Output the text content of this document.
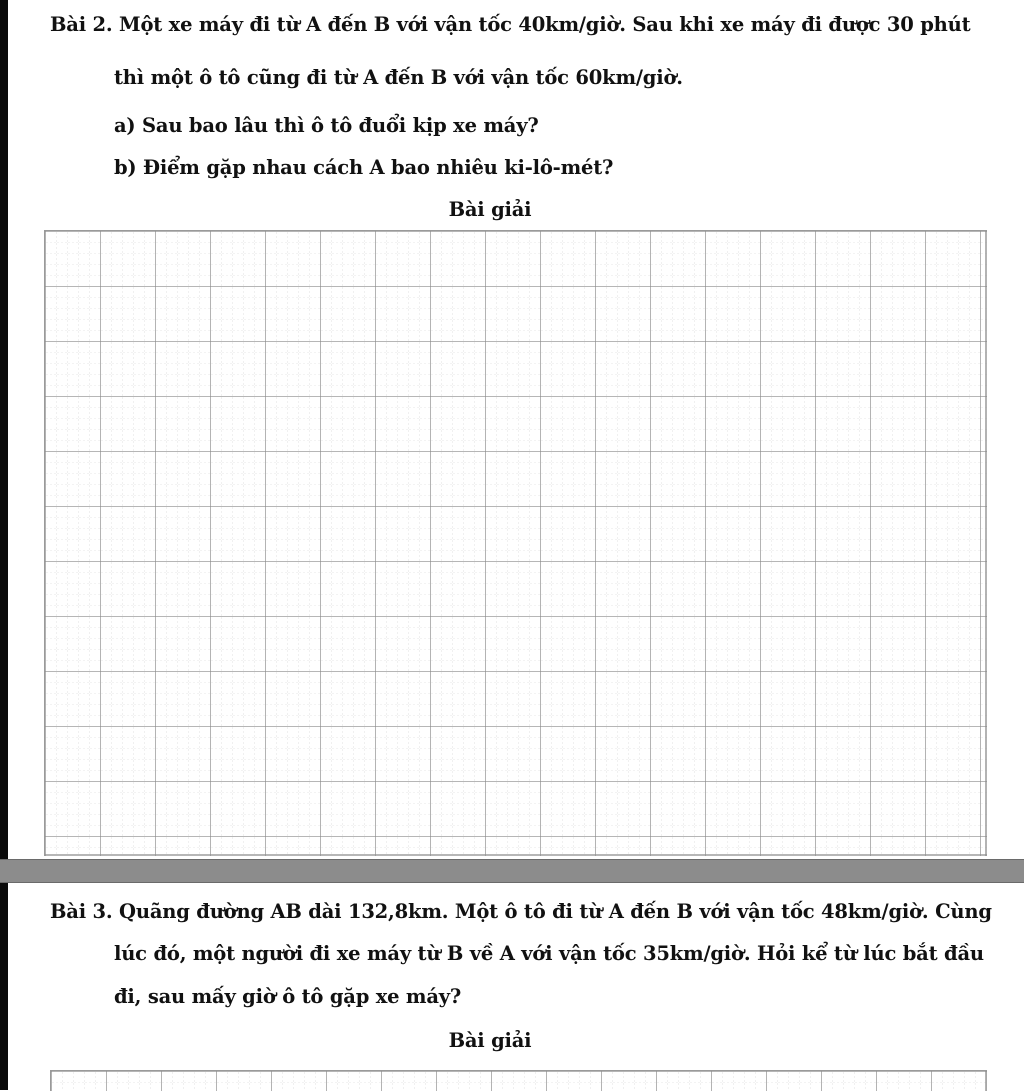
Bài 2. Một xe máy đi từ A đến B với vận tốc 40km/giờ. Sau khi xe máy đi được 30 phút
thì một ô tô cũng đi từ A đến B với vận tốc 60km/giờ.
a) Sau bao lâu thì ô tô đuổi kịp xe máy?
b) Điểm gặp nhau cách A bao nhiêu ki-lô-mét?
Bài giải
Bài 3. Quãng đường AB dài 132,8km. Một ô tô đi từ A đến B với vận tốc 48km/giờ. Cùng
lúc đó, một người đi xe máy từ B về A với vận tốc 35km/giờ. Hỏi kể từ lúc bắt đầu
đi, sau mấy giờ ô tô gặp xe máy?
Bài giải
